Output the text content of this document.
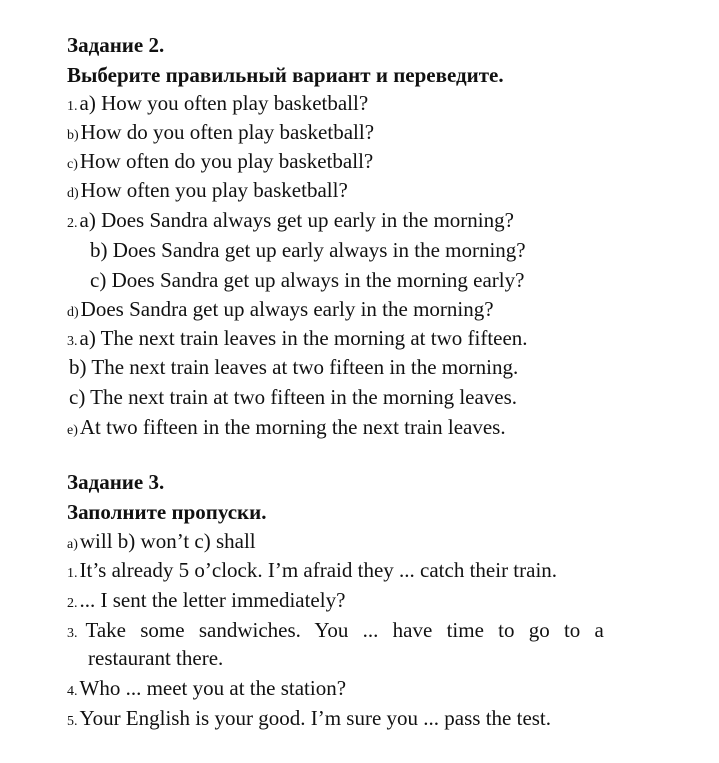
Задание 2.
Выберите правильный вариант и переведите.
1.a) How you often play basketball?
b)How do you often play basketball?
c)How often do you play basketball?
d)How often you play basketball?
2.a) Does Sandra always get up early in the morning?
b) Does Sandra get up early always in the morning?
c) Does Sandra get up always in the morning early?
d)Does Sandra get up always early in the morning?
3.a) The next train leaves in the morning at two fifteen.
b) The next train leaves at two fifteen in the morning.
c) The next train at two fifteen in the morning leaves.
e)At two fifteen in the morning the next train leaves.
Задание 3.
Заполните пропуски.
a)will b) won’t c) shall
1.It’s already 5 o’clock. I’m afraid they ... catch their train.
2.... I sent the letter immediately?
3. Take some sandwiches. You ... have time to go to a
restaurant there.
4.Who ... meet you at the station?
5.Your English is your good. I’m sure you ... pass the test.
